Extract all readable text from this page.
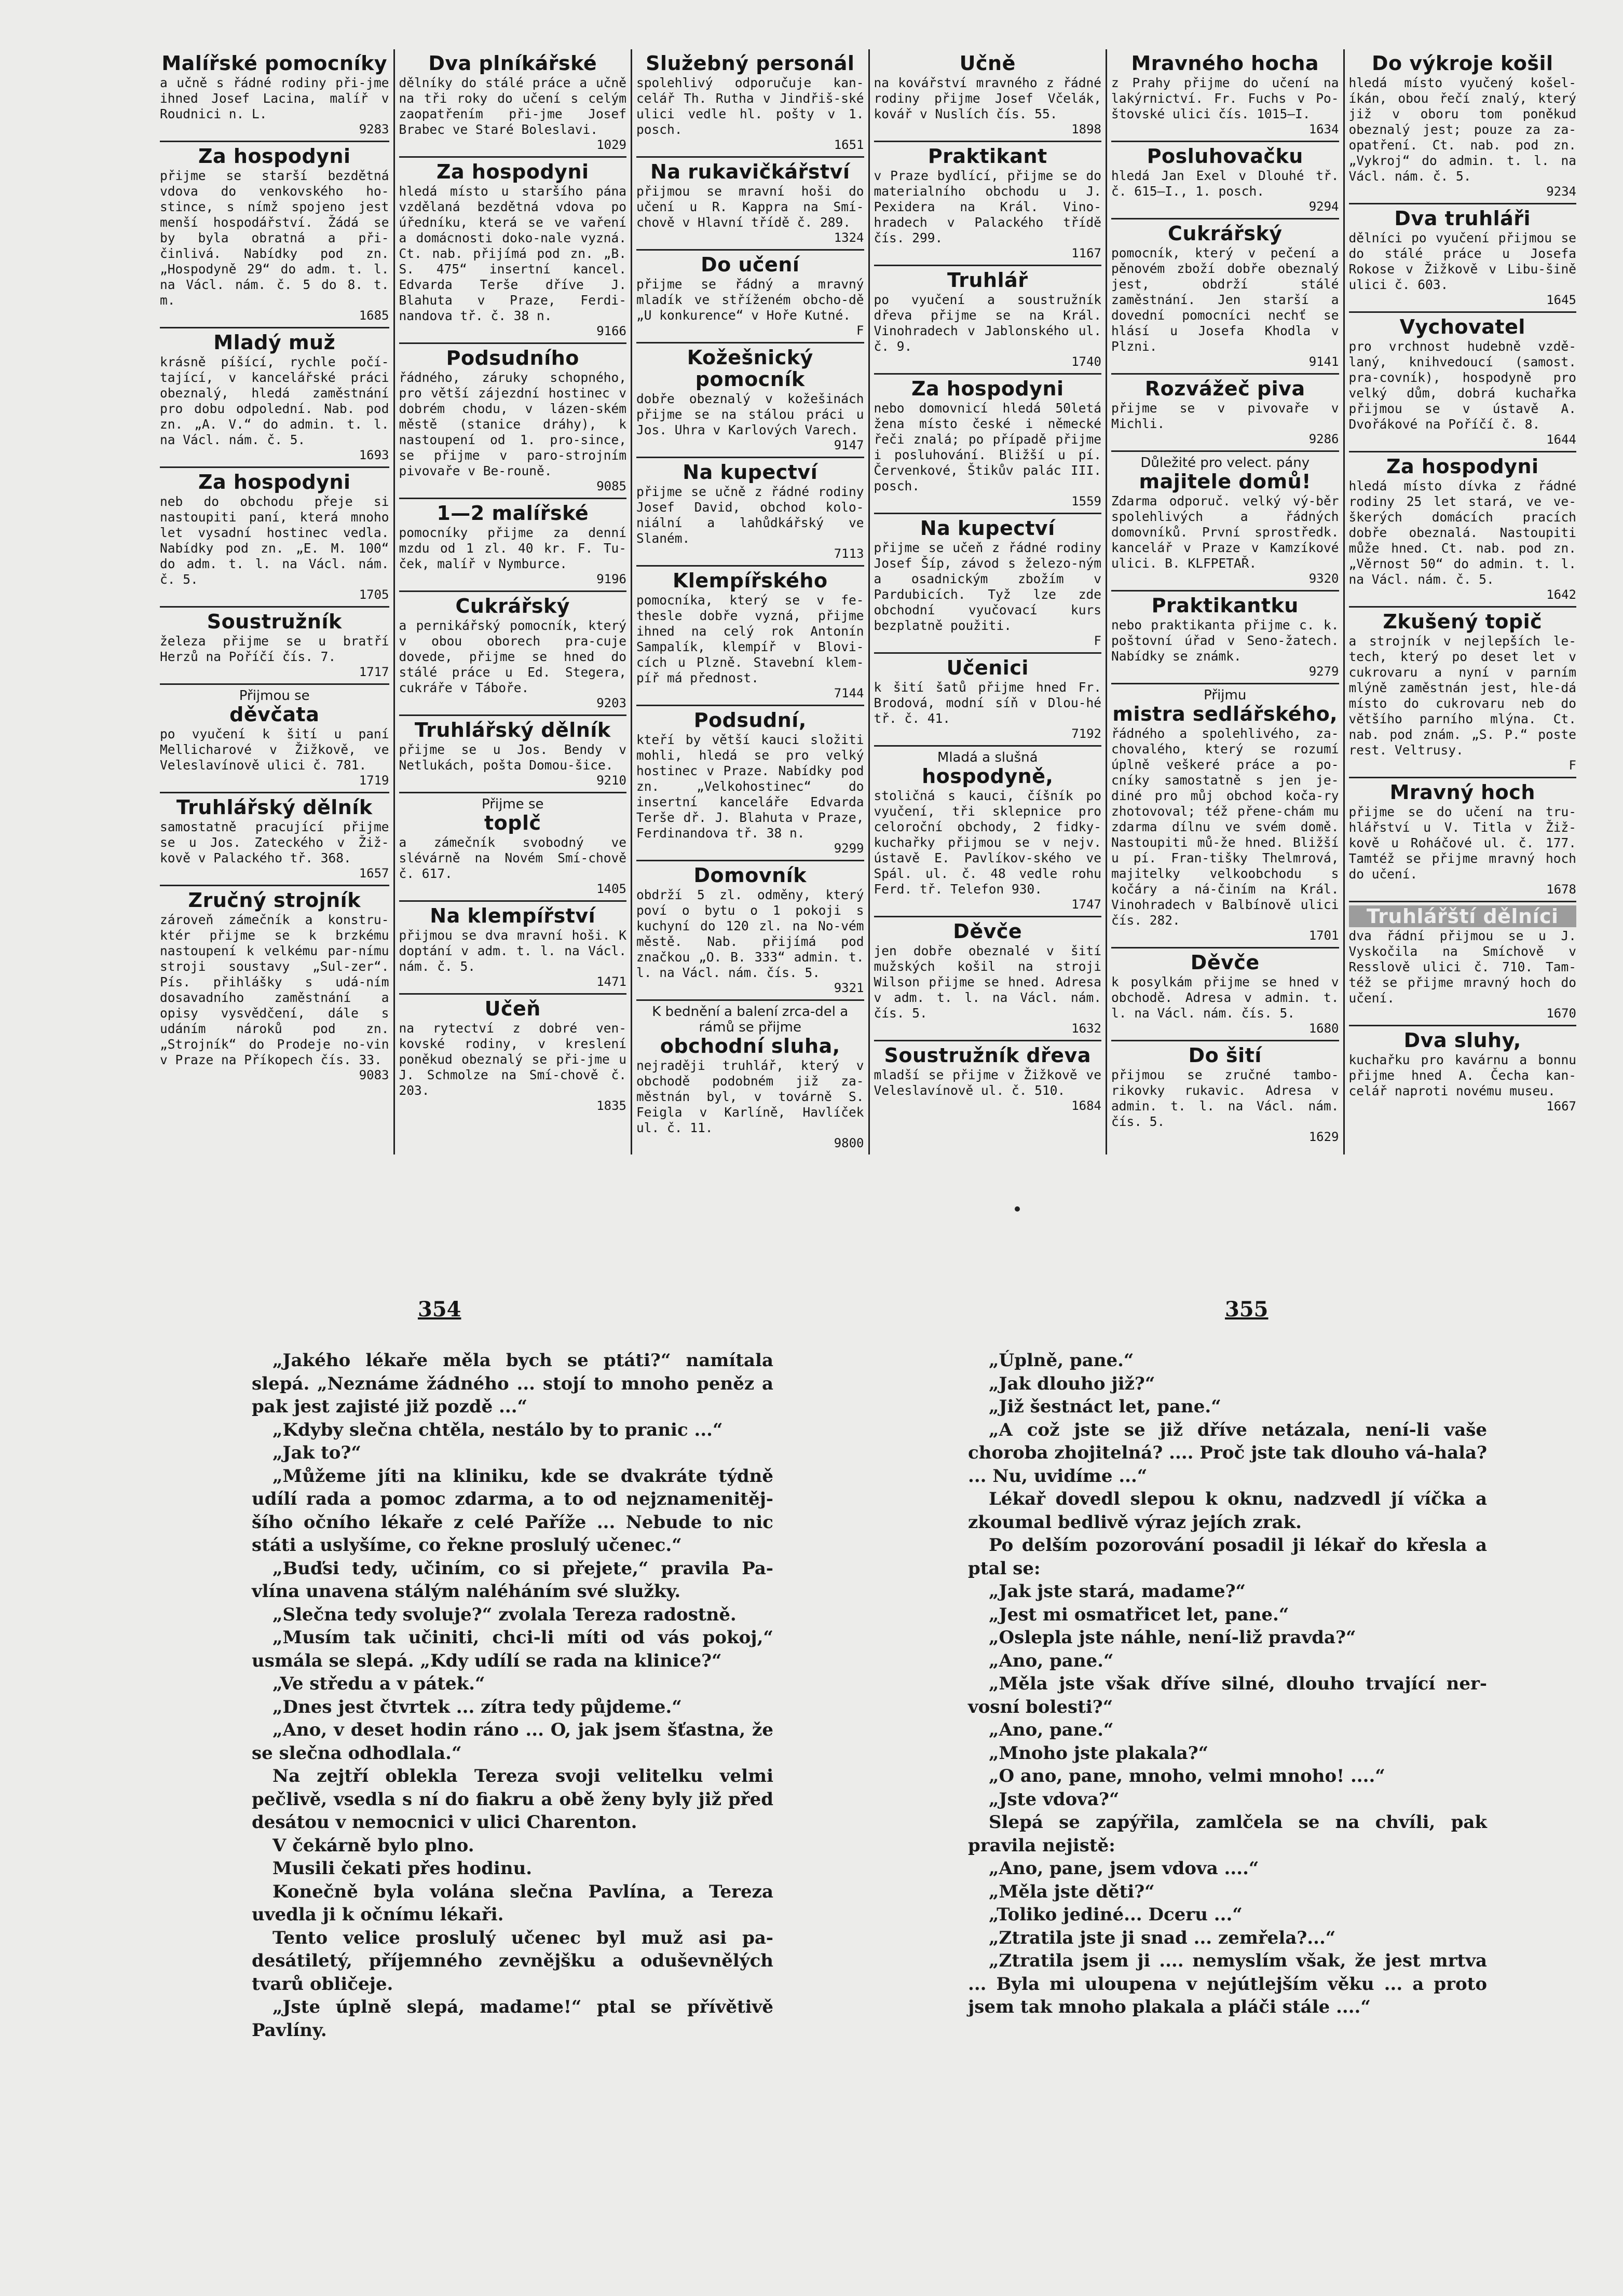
Malířské pomocníky
a učně s řádné rodiny při-jme ihned Josef Lacina, malíř v Roudnici n. L.
9283
Za hospodyni
přijme se starší bezdětná vdova do venkovského ho-stince, s nímž spojeno jest menší hospodářství. Žádá se by byla obratná a při-činlivá. Nabídky pod zn. „Hospodyně 29“ do adm. t. l. na Václ. nám. č. 5 do 8. t. m.
1685
Mladý muž
krásně píšící, rychle počí-tající, v kancelářské práci obeznalý, hledá zaměstnání pro dobu odpolední. Nab. pod zn. „A. V.“ do admin. t. l. na Václ. nám. č. 5.
1693
Za hospodyni
neb do obchodu přeje si nastoupiti paní, která mnoho let vysadní hostinec vedla. Nabídky pod zn. „E. M. 100“ do adm. t. l. na Václ. nám. č. 5.
1705
Soustružník
železa přijme se u bratří Herzů na Poříčí čís. 7.
1717
Přijmou se
děvčata
po vyučení k šití u paní Mellicharové v Žižkově, ve Veleslavínově ulici č. 781.
1719
Truhlářský dělník
samostatně pracující přijme se u Jos. Zateckého v Žiž-kově v Palackého tř. 368.
1657
Zručný strojník
zároveň zámečník a konstru-ktér přijme se k brzkému nastoupení k velkému par-nímu stroji soustavy „Sul-zer“. Pís. přihlášky s udá-ním dosavadního zaměstnání a opisy vysvědčení, dále s udáním nároků pod zn. „Strojník“ do Prodeje no-vin v Praze na Příkopech čís. 33.
9083
Dva plníkářské
dělníky do stálé práce a učně na tři roky do učení s celým zaopatřením při-jme Josef Brabec ve Staré Boleslavi.
1029
Za hospodyni
hledá místo u staršího pána vzdělaná bezdětná vdova po úředníku, která se ve vaření a domácnosti doko-nale vyzná. Ct. nab. přijímá pod zn. „B. S. 475“ insertní kancel. Edvarda Terše dříve J. Blahuta v Praze, Ferdi-nandova tř. č. 38 n.
9166
Podsudního
řádného, záruky schopného, pro větší zájezdní hostinec v dobrém chodu, v lázen-ském městě (stanice dráhy), k nastoupení od 1. pro-since, se přijme v paro-strojním pivovaře v Be-rouně.
9085
1—2 malířské
pomocníky přijme za denní mzdu od 1 zl. 40 kr. F. Tu-ček, malíř v Nymburce.
9196
Cukrářský
a pernikářský pomocník, který v obou oborech pra-cuje dovede, přijme se hned do stálé práce u Ed. Stegera, cukráře v Táboře.
9203
Truhlářský dělník
přijme se u Jos. Bendy v Netlukách, pošta Domou-šice.
9210
Přijme se
toplč
a zámečník svobodný ve slévárně na Novém Smí-chově č. 617.
1405
Na klempířství
přijmou se dva mravní hoši. K doptání v adm. t. l. na Václ. nám. č. 5.
1471
Učeň
na rytectví z dobré ven-kovské rodiny, v kreslení poněkud obeznalý se při-jme u J. Schmolze na Smí-chově č. 203.
1835
Služebný personál
spolehlivý odporučuje kan-celář Th. Rutha v Jindřiš-ské ulici vedle hl. pošty v 1. posch.
1651
Na rukavičkářství
přijmou se mravní hoši do učení u R. Kappra na Smí-chově v Hlavní třídě č. 289.
1324
Do učení
přijme se řádný a mravný mladík ve stříženém obcho-dě „U konkurence“ v Hoře Kutné.
F
Kožešnický pomocník
dobře obeznalý v kožešinách přijme se na stálou práci u Jos. Uhra v Karlových Varech.
9147
Na kupectví
přijme se učně z řádné rodiny Josef David, obchod kolo-niální a lahůdkářský ve Slaném.
7113
Klempířského
pomocníka, který se v fe-thesle dobře vyzná, přijme ihned na celý rok Antonín Sampalík, klempíř v Blovi-cích u Plzně. Stavební klem-píř má přednost.
7144
Podsudní,
kteří by větší kauci složiti mohli, hledá se pro velký hostinec v Praze. Nabídky pod zn. „Velkohostinec“ do insertní kanceláře Edvarda Terše dř. J. Blahuta v Praze, Ferdinandova tř. 38 n.
9299
Domovník
obdrží 5 zl. odměny, který poví o bytu o 1 pokoji s kuchyní do 120 zl. na No-vém městě. Nab. přijímá pod značkou „O. B. 333“ admin. t. l. na Václ. nám. čís. 5.
9321
K bednění a balení zrca-del a rámů se přijme
obchodní sluha,
nejraději truhlář, který v obchodě podobném již za-městnán byl, v továrně S. Feigla v Karlíně, Havlíček ul. č. 11.
9800
Učně
na kovářství mravného z řádné rodiny přijme Josef Včelák, kovář v Nuslích čís. 55.
1898
Praktikant
v Praze bydlící, přijme se do materialního obchodu u J. Pexidera na Král. Vino-hradech v Palackého třídě čís. 299.
1167
Truhlář
po vyučení a soustružník dřeva přijme se na Král. Vinohradech v Jablonského ul. č. 9.
1740
Za hospodyni
nebo domovnicí hledá 50letá žena místo české i německé řeči znalá; po případě přijme i posluhování. Bližší u pí. Červenkové, Štikův palác III. posch.
1559
Na kupectví
přijme se učeň z řádné rodiny Josef Šíp, závod s železo-ným a osadnickým zbožím v Pardubicích. Tyž lze zde obchodní vyučovací kurs bezplatně použiti.
F
Učenici
k šití šatů přijme hned Fr. Brodová, modní síň v Dlou-hé tř. č. 41.
7192
Mladá a slušná
hospodyně,
stoličná s kauci, číšník po vyučení, tři sklepnice pro celoroční obchody, 2 fidky-kuchařky přijmou se v nejv. ústavě E. Pavlíkov-ského ve Spál. ul. č. 48 vedle rohu Ferd. tř. Telefon 930.
1747
Děvče
jen dobře obeznalé v šití mužských košil na stroji Wilson přijme se hned. Adresa v adm. t. l. na Václ. nám. čís. 5.
1632
Soustružník dřeva
mladší se přijme v Žižkově ve Veleslavínově ul. č. 510.
1684
Mravného hocha
z Prahy přijme do učení na lakýrnictví. Fr. Fuchs v Po-štovské ulici čís. 1015—I.
1634
Posluhovačku
hledá Jan Exel v Dlouhé tř. č. 615—I., 1. posch.
9294
Cukrářský
pomocník, který v pečení a pěnovém zboží dobře obeznalý jest, obdrží stálé zaměstnání. Jen starší a dovední pomocníci nechť se hlásí u Josefa Khodla v Plzni.
9141
Rozvážeč piva
přijme se v pivovaře v Michli.
9286
Důležité pro velect. pány
majitele domů!
Zdarma odporuč. velký vý-běr spolehlivých a řádných domovníků. První sprostředk. kancelář v Praze v Kamzíkové ulici. B. KLFPETAŘ.
9320
Praktikantku
nebo praktikanta přijme c. k. poštovní úřad v Seno-žatech. Nabídky se známk.
9279
Přijmu
mistra sedlářského,
řádného a spolehlivého, za-chovalého, který se rozumí úplně veškeré práce a po-cníky samostatně s jen je-diné pro můj obchod koča-ry zhotovoval; též přene-chám mu zdarma dílnu ve svém domě. Nastoupiti mů-že hned. Bližší u pí. Fran-tišky Thelmrová, majitelky velkoobchodu s kočáry a ná-činím na Král. Vinohradech v Balbínově ulici čís. 282.
1701
Děvče
k posylkám přijme se hned v obchodě. Adresa v admin. t. l. na Václ. nám. čís. 5.
1680
Do šití
přijmou se zručné tambo-rikovky rukavic. Adresa v admin. t. l. na Václ. nám. čís. 5.
1629
Do výkroje košil
hledá místo vyučený košel-íkán, obou řečí znalý, který již v oboru tom poněkud obeznalý jest; pouze za za-opatření. Ct. nab. pod zn. „Vykroj“ do admin. t. l. na Václ. nám. č. 5.
9234
Dva truhláři
dělníci po vyučení přijmou se do stálé práce u Josefa Rokose v Žižkově v Libu-šině ulici č. 603.
1645
Vychovatel
pro vrchnost hudebně vzdě-laný, knihvedoucí (samost. pra-covník), hospodyně pro velký dům, dobrá kuchařka přijmou se v ústavě A. Dvořákové na Poříčí č. 8.
1644
Za hospodyni
hledá místo dívka z řádné rodiny 25 let stará, ve ve-škerých domácích pracích dobře obeznalá. Nastoupiti může hned. Ct. nab. pod zn. „Věrnost 50“ do admin. t. l. na Václ. nám. č. 5.
1642
Zkušený topič
a strojník v nejlepších le-tech, který po deset let v cukrovaru a nyní v parním mlýně zaměstnán jest, hle-dá místo do cukrovaru neb do většího parního mlýna. Ct. nab. pod znám. „S. P.“ poste rest. Veltrusy.
F
Mravný hoch
přijme se do učení na tru-hlářství u V. Titla v Žiž-kově u Roháčové ul. č. 177. Tamtéž se přijme mravný hoch do učení.
1678
Truhlářští dělníci
dva řádní přijmou se u J. Vyskočila na Smíchově v Resslově ulici č. 710. Tam-též se přijme mravný hoch do učení.
1670
Dva sluhy,
kuchařku pro kavárnu a bonnu přijme hned A. Čecha kan-celář naproti novému museu.
1667
354	355

„Jakého lékaře měla bych se ptáti?“ namítala slepá. „Neznáme žádného ... stojí to mnoho peněz a pak jest zajisté již pozdě ...“

„Kdyby slečna chtěla, nestálo by to pranic ...“

„Jak to?“

„Můžeme jíti na kliniku, kde se dvakráte týdně udílí rada a pomoc zdarma, a to od nejznamenitěj-šího očního lékaře z celé Paříže ... Nebude to nic státi a uslyšíme, co řekne proslulý učenec.“

„Buďsi tedy, učiním, co si přejete,“ pravila Pa-vlína unavena stálým naléháním své služky.

„Slečna tedy svoluje?“ zvolala Tereza radostně.

„Musím tak učiniti, chci-li míti od vás pokoj,“ usmála se slepá. „Kdy udílí se rada na klinice?“

„Ve středu a v pátek.“

„Dnes jest čtvrtek ... zítra tedy půjdeme.“

„Ano, v deset hodin ráno ... O, jak jsem šťastna, že se slečna odhodlala.“

Na zejtří oblekla Tereza svoji velitelku velmi pečlivě, vsedla s ní do fiakru a obě ženy byly již před desátou v nemocnici v ulici Charenton.

V čekárně bylo plno.

Musili čekati přes hodinu.

Konečně byla volána slečna Pavlína, a Tereza uvedla ji k očnímu lékaři.

Tento velice proslulý učenec byl muž asi pa-desátiletý, příjemného zevnějšku a oduševnělých tvarů obličeje.

„Jste úplně slepá, madame!“ ptal se přívětivě Pavlíny.

„Úplně, pane.“

„Jak dlouho již?“

„Již šestnáct let, pane.“

„A což jste se již dříve netázala, není-li vaše choroba zhojitelná? .... Proč jste tak dlouho vá-hala? ... Nu, uvidíme ...“

Lékař dovedl slepou k oknu, nadzvedl jí víčka a zkoumal bedlivě výraz jejích zrak.

Po delším pozorování posadil ji lékař do křesla a ptal se:

„Jak jste stará, madame?“

„Jest mi osmatřicet let, pane.“

„Oslepla jste náhle, není-liž pravda?“

„Ano, pane.“

„Měla jste však dříve silné, dlouho trvající ner-vosní bolesti?“

„Ano, pane.“

„Mnoho jste plakala?“

„O ano, pane, mnoho, velmi mnoho! ....“

„Jste vdova?“

Slepá se zapýřila, zamlčela se na chvíli, pak pravila nejistě:

„Ano, pane, jsem vdova ....“

„Měla jste děti?“

„Toliko jediné... Dceru ...“

„Ztratila jste ji snad ... zemřela?...“

„Ztratila jsem ji .... nemyslím však, že jest mrtva ... Byla mi uloupena v nejútlejším věku ... a proto jsem tak mnoho plakala a pláči stále ....“
